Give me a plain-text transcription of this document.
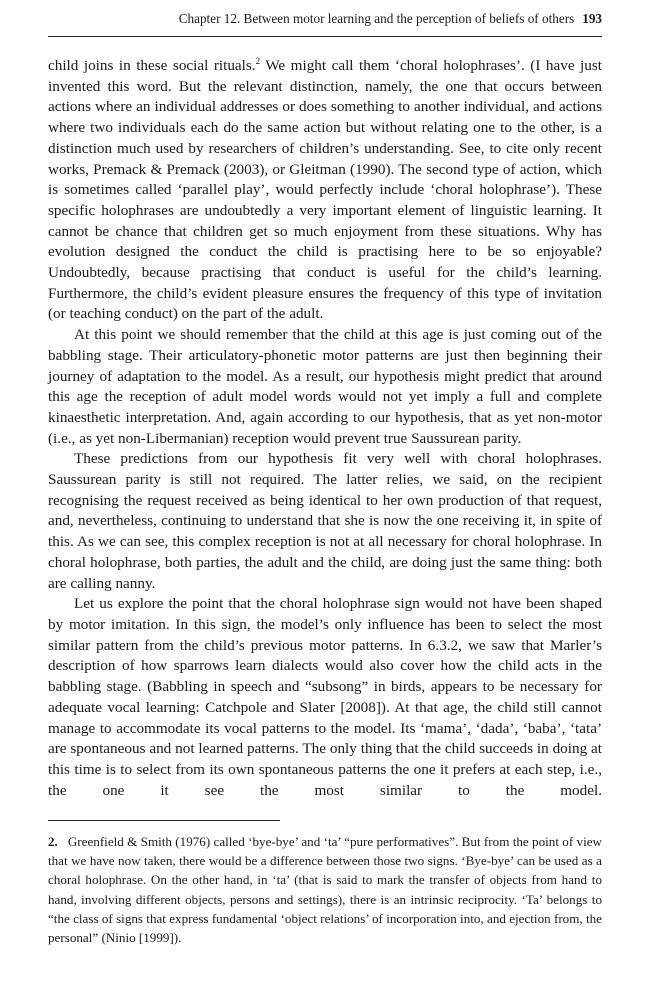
Chapter 12. Between motor learning and the perception of beliefs of others 193

child joins in these social rituals.$^2$ We might call them ‘choral holophrases’. (I have just invented this word. But the relevant distinction, namely, the one that occurs between actions where an individual addresses or does something to another individual, and actions where two individuals each do the same action but without relating one to the other, is a distinction much used by researchers of children’s understanding. See, to cite only recent works, Premack & Premack (2003), or Gleitman (1990). The second type of action, which is sometimes called ‘parallel play’, would perfectly include ‘choral holophrase’). These specific holophrases are undoubtedly a very important element of linguistic learning. It cannot be chance that children get so much enjoyment from these situations. Why has evolution designed the conduct the child is practising here to be so enjoyable? Undoubtedly, because practising that conduct is useful for the child’s learning. Furthermore, the child’s evident pleasure ensures the frequency of this type of invitation (or teaching conduct) on the part of the adult.

At this point we should remember that the child at this age is just coming out of the babbling stage. Their articulatory-phonetic motor patterns are just then beginning their journey of adaptation to the model. As a result, our hypothesis might predict that around this age the reception of adult model words would not yet imply a full and complete kinaesthetic interpretation. And, again according to our hypothesis, that as yet non-motor (i.e., as yet non-Libermanian) reception would prevent true Saussurean parity.

These predictions from our hypothesis fit very well with choral holophrases. Saussurean parity is still not required. The latter relies, we said, on the recipient recognising the request received as being identical to her own production of that request, and, nevertheless, continuing to understand that she is now the one receiving it, in spite of this. As we can see, this complex reception is not at all necessary for choral holophrase. In choral holophrase, both parties, the adult and the child, are doing just the same thing: both are calling nanny.

Let us explore the point that the choral holophrase sign would not have been shaped by motor imitation. In this sign, the model’s only influence has been to select the most similar pattern from the child’s previous motor patterns. In 6.3.2, we saw that Marler’s description of how sparrows learn dialects would also cover how the child acts in the babbling stage. (Babbling in speech and “subsong” in birds, appears to be necessary for adequate vocal learning: Catchpole and Slater [2008]). At that age, the child still cannot manage to accommodate its vocal patterns to the model. Its ‘mama’, ‘dada’, ‘baba’, ‘tata’ are spontaneous and not learned patterns. The only thing that the child succeeds in doing at this time is to select from its own spontaneous patterns the one it prefers at each step, i.e., the one it see the most similar to the model.

2. Greenfield & Smith (1976) called ‘bye-bye’ and ‘ta’ “pure performatives”. But from the point of view that we have now taken, there would be a difference between those two signs. ‘Bye-bye’ can be used as a choral holophrase. On the other hand, in ‘ta’ (that is said to mark the transfer of objects from hand to hand, involving different objects, persons and settings), there is an intrinsic reciprocity. ‘Ta’ belongs to “the class of signs that express fundamental ‘object relations’ of incorporation into, and ejection from, the personal” (Ninio [1999]).
